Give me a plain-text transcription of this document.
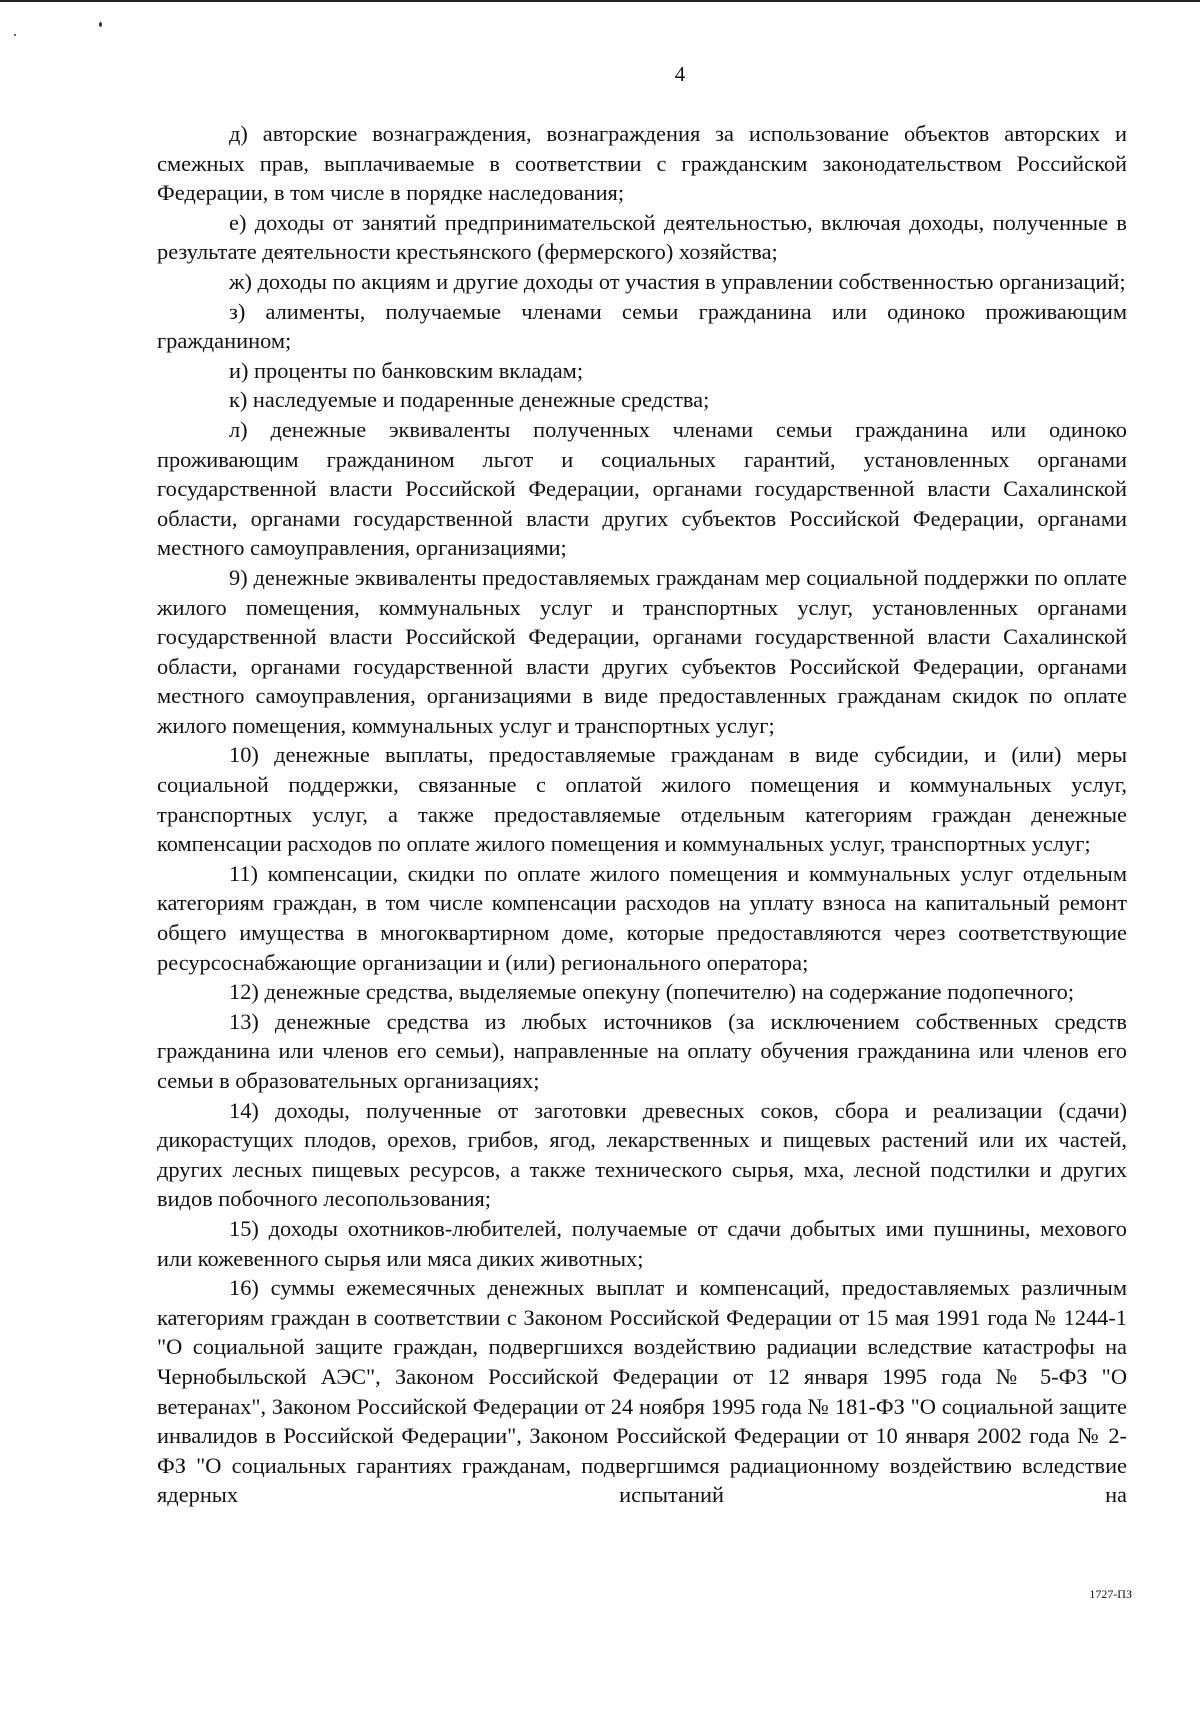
4

д) авторские вознаграждения, вознаграждения за использование объектов авторских и смежных прав, выплачиваемые в соответствии с гражданским законодательством Российской Федерации, в том числе в порядке наследования;

е) доходы от занятий предпринимательской деятельностью, включая доходы, полученные в результате деятельности крестьянского (фермерского) хозяйства;

ж) доходы по акциям и другие доходы от участия в управлении собственностью организаций;

з) алименты, получаемые членами семьи гражданина или одиноко проживающим гражданином;

и) проценты по банковским вкладам;

к) наследуемые и подаренные денежные средства;

л) денежные эквиваленты полученных членами семьи гражданина или одиноко проживающим гражданином льгот и социальных гарантий, установленных органами государственной власти Российской Федерации, органами государственной власти Сахалинской области, органами государственной власти других субъектов Российской Федерации, органами местного самоуправления, организациями;

9) денежные эквиваленты предоставляемых гражданам мер социальной поддержки по оплате жилого помещения, коммунальных услуг и транспортных услуг, установленных органами государственной власти Российской Федерации, органами государственной власти Сахалинской области, органами государственной власти других субъектов Российской Федерации, органами местного самоуправления, организациями в виде предоставленных гражданам скидок по оплате жилого помещения, коммунальных услуг и транспортных услуг;

10) денежные выплаты, предоставляемые гражданам в виде субсидии, и (или) меры социальной поддержки, связанные с оплатой жилого помещения и коммунальных услуг, транспортных услуг, а также предоставляемые отдельным категориям граждан денежные компенсации расходов по оплате жилого помещения и коммунальных услуг, транспортных услуг;

11) компенсации, скидки по оплате жилого помещения и коммунальных услуг отдельным категориям граждан, в том числе компенсации расходов на уплату взноса на капитальный ремонт общего имущества в многоквартирном доме, которые предоставляются через соответствующие ресурсоснабжающие организации и (или) регионального оператора;

12) денежные средства, выделяемые опекуну (попечителю) на содержание подопечного;

13) денежные средства из любых источников (за исключением собственных средств гражданина или членов его семьи), направленные на оплату обучения гражданина или членов его семьи в образовательных организациях;

14) доходы, полученные от заготовки древесных соков, сбора и реализации (сдачи) дикорастущих плодов, орехов, грибов, ягод, лекарственных и пищевых растений или их частей, других лесных пищевых ресурсов, а также технического сырья, мха, лесной подстилки и других видов побочного лесопользования;

15) доходы охотников-любителей, получаемые от сдачи добытых ими пушнины, мехового или кожевенного сырья или мяса диких животных;

16) суммы ежемесячных денежных выплат и компенсаций, предоставляемых различным категориям граждан в соответствии с Законом Российской Федерации от 15 мая 1991 года № 1244-1 "О социальной защите граждан, подвергшихся воздействию радиации вследствие катастрофы на Чернобыльской АЭС", Законом Российской Федерации от 12 января 1995 года № 5-ФЗ "О ветеранах", Законом Российской Федерации от 24 ноября 1995 года № 181-ФЗ "О социальной защите инвалидов в Российской Федерации", Законом Российской Федерации от 10 января 2002 года № 2-ФЗ "О социальных гарантиях гражданам, подвергшимся радиационному воздействию вследствие ядерных испытаний на

1727-ПЗ
